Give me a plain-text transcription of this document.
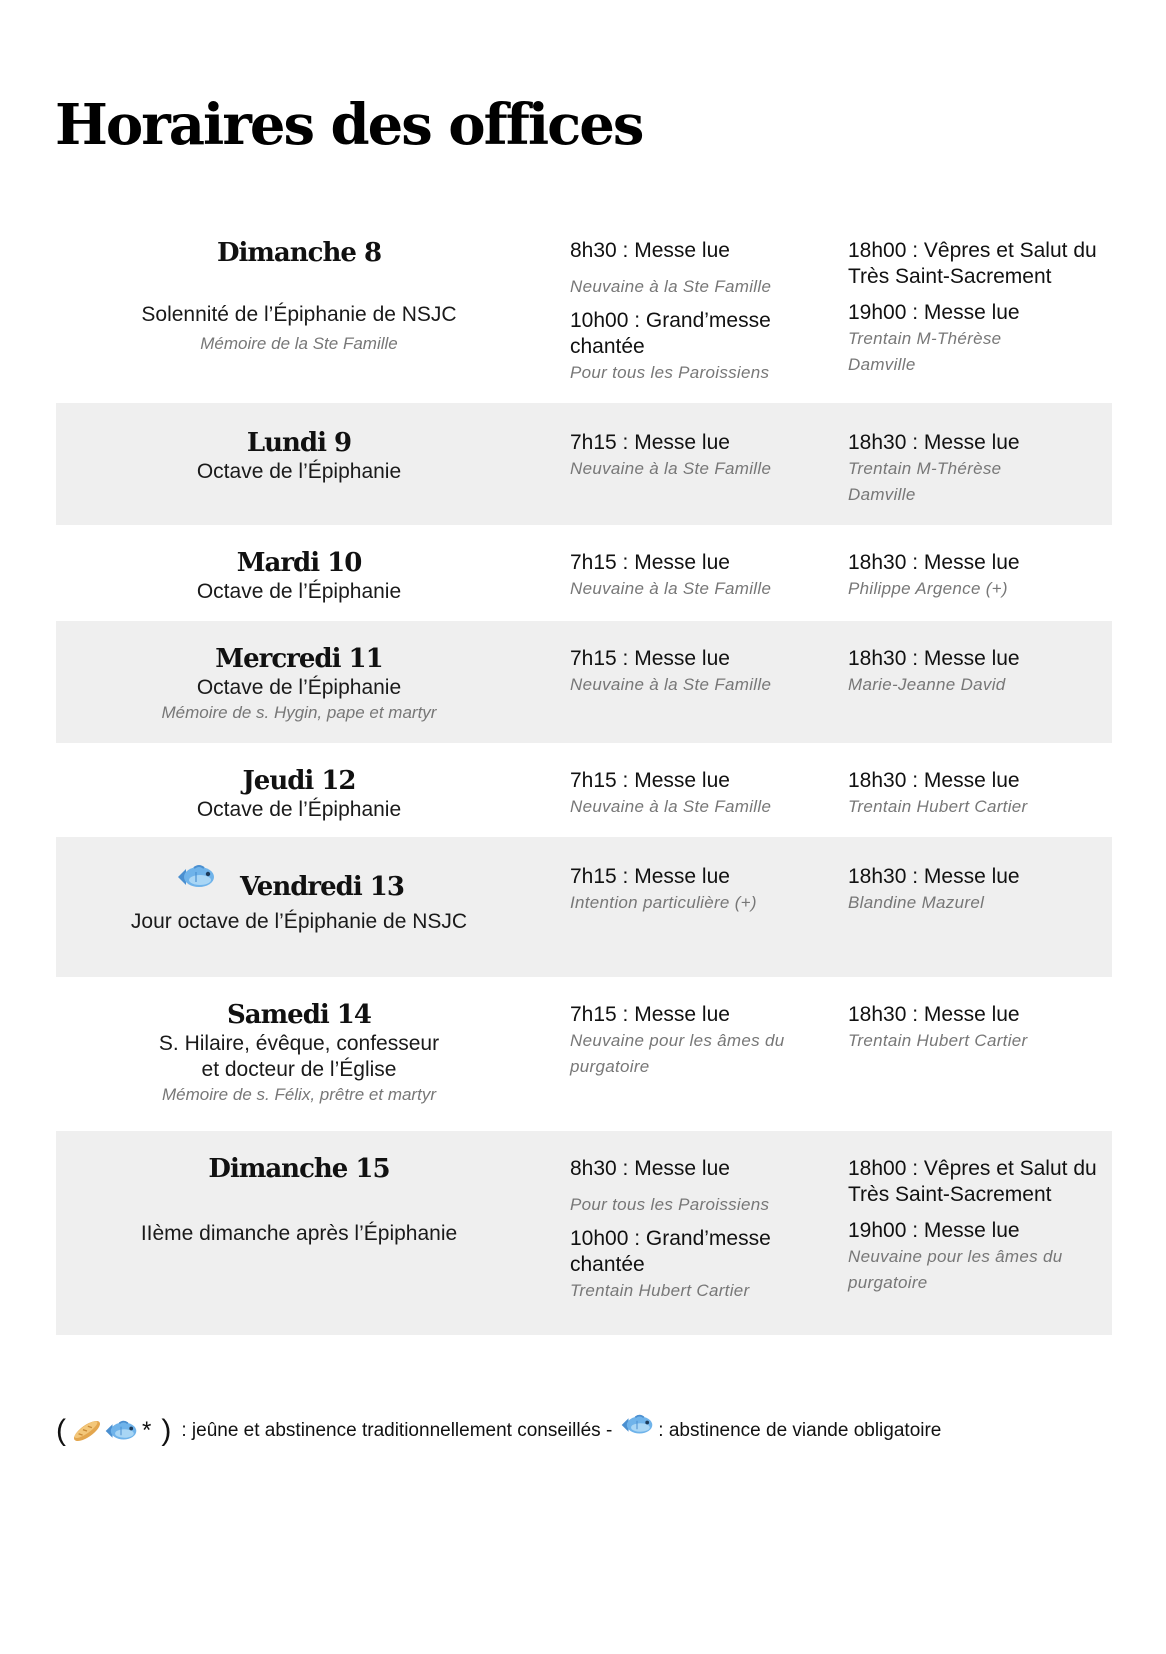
Horaires des offices
Dimanche 8
Solennité de l’Épiphanie de NSJC
Mémoire de la Ste Famille
8h30 : Messe lue
Neuvaine à la Ste Famille
10h00 : Grand’messe chantée
Pour tous les Paroissiens
18h00 : Vêpres et Salut du Très Saint-Sacrement
19h00 : Messe lue
Trentain M-Thérèse Damville
Lundi 9
Octave de l’Épiphanie
7h15 : Messe lue
Neuvaine à la Ste Famille
18h30 : Messe lue
Trentain M-Thérèse Damville
Mardi 10
Octave de l’Épiphanie
7h15 : Messe lue
Neuvaine à la Ste Famille
18h30 : Messe lue
Philippe Argence (+)
Mercredi 11
Octave de l’Épiphanie
Mémoire de s. Hygin, pape et martyr
7h15 : Messe lue
Neuvaine à la Ste Famille
18h30 : Messe lue
Marie-Jeanne David
Jeudi 12
Octave de l’Épiphanie
7h15 : Messe lue
Neuvaine à la Ste Famille
18h30 : Messe lue
Trentain Hubert Cartier
Vendredi 13
Jour octave de l’Épiphanie de NSJC
7h15 : Messe lue
Intention particulière (+)
18h30 : Messe lue
Blandine Mazurel
Samedi 14
S. Hilaire, évêque, confesseur
et docteur de l’Église
Mémoire de s. Félix, prêtre et martyr
7h15 : Messe lue
Neuvaine pour les âmes du purgatoire
18h30 : Messe lue
Trentain Hubert Cartier
Dimanche 15
IIème dimanche après l’Épiphanie
8h30 : Messe lue
Pour tous les Paroissiens
10h00 : Grand’messe chantée
Trentain Hubert Cartier
18h00 : Vêpres et Salut du Très Saint-Sacrement
19h00 : Messe lue
Neuvaine pour les âmes du purgatoire
(	* ) : jeûne et abstinence traditionnellement conseillés - : abstinence de viande obligatoire
